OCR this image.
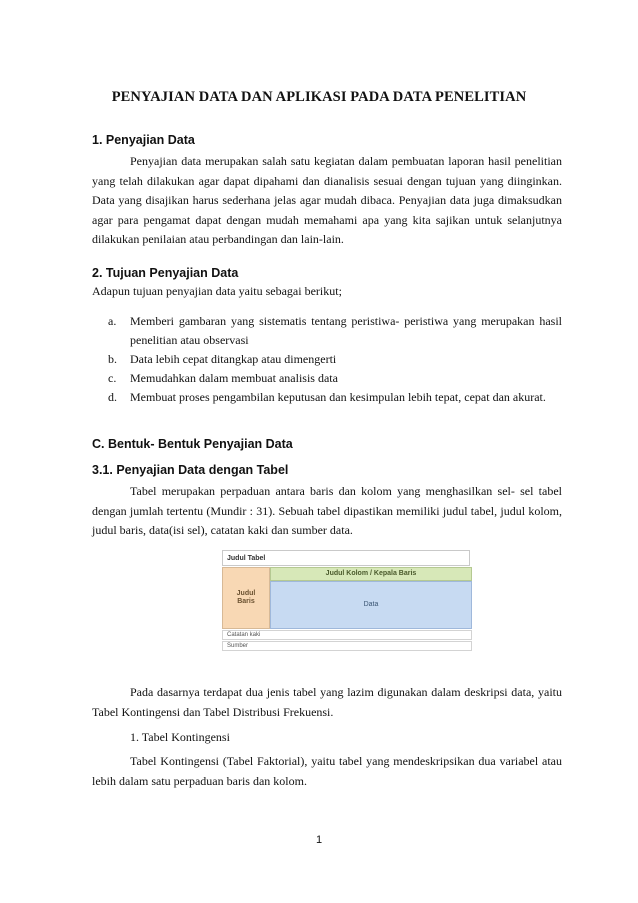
PENYAJIAN DATA DAN APLIKASI PADA DATA PENELITIAN
1. Penyajian Data
Penyajian data merupakan salah satu kegiatan dalam pembuatan laporan hasil penelitian yang telah dilakukan agar dapat dipahami dan dianalisis sesuai dengan tujuan yang diinginkan. Data yang disajikan harus sederhana jelas agar mudah dibaca. Penyajian data juga dimaksudkan agar para pengamat dapat dengan mudah memahami apa yang kita sajikan untuk selanjutnya dilakukan penilaian atau perbandingan dan lain-lain.
2. Tujuan Penyajian Data
Adapun tujuan penyajian data yaitu sebagai berikut;
a. Memberi gambaran yang sistematis tentang peristiwa- peristiwa yang merupakan hasil penelitian atau observasi
b. Data lebih cepat ditangkap atau dimengerti
c. Memudahkan dalam membuat analisis data
d. Membuat proses pengambilan keputusan dan kesimpulan lebih tepat, cepat dan akurat.
C. Bentuk- Bentuk Penyajian Data
3.1. Penyajian Data dengan Tabel
Tabel merupakan perpaduan antara baris dan kolom yang menghasilkan sel- sel tabel dengan jumlah tertentu (Mundir : 31). Sebuah tabel dipastikan memiliki judul tabel, judul kolom, judul baris, data(isi sel), catatan kaki dan sumber data.
Judul Tabel
Judul
Baris
Judul Kolom / Kepala Baris
Data
Catatan kaki
Sumber
Pada dasarnya terdapat dua jenis tabel yang lazim digunakan dalam deskripsi data, yaitu Tabel Kontingensi dan Tabel Distribusi Frekuensi.
1. Tabel Kontingensi
Tabel Kontingensi (Tabel Faktorial), yaitu tabel yang mendeskripsikan dua variabel atau lebih dalam satu perpaduan baris dan kolom.
1
